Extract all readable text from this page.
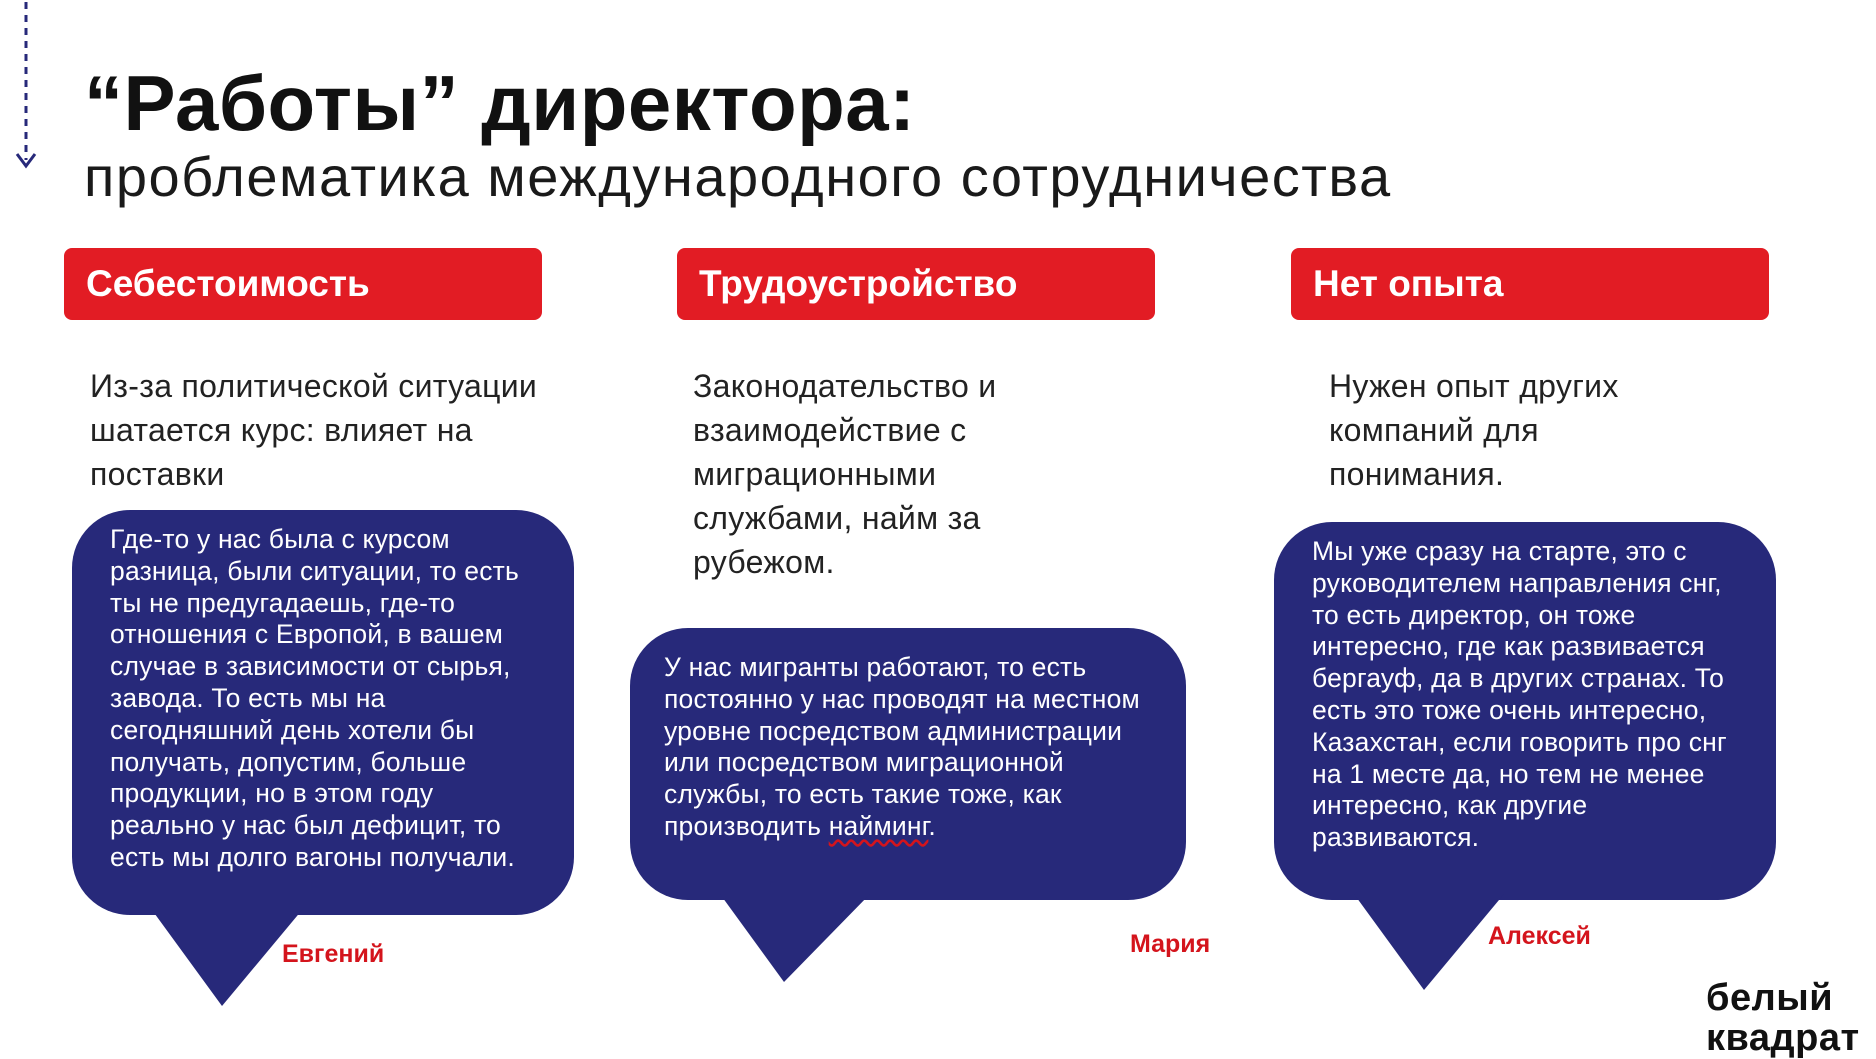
“Работы” директора:
проблематика международного сотрудничества
Себестоимость
Из-за политической ситуации шатается курс: влияет на поставки
Где-то у нас была с курсом разница, были ситуации, то есть ты не предугадаешь, где-то отношения с Европой, в вашем случае в зависимости от сырья, завода. То есть мы на сегодняшний день хотели бы получать, допустим, больше продукции, но в этом году реально у нас был дефицит, то есть мы долго вагоны получали.
Евгений
Трудоустройство
Законодательство и взаимодействие с миграционными службами, найм за рубежом.
У нас мигранты работают, то есть постоянно у нас проводят на местном уровне посредством администрации или посредством миграционной службы, то есть такие тоже, как производить найминг.
Мария
Нет опыта
Нужен опыт других компаний для понимания.
Мы уже сразу на старте, это с руководителем направления снг, то есть директор, он тоже интересно, где как развивается бергауф, да в других странах. То есть это тоже очень интересно, Казахстан, если говорить про снг на 1 месте да, но тем не менее интересно, как другие развиваются.
Алексей
белый
квадрат
